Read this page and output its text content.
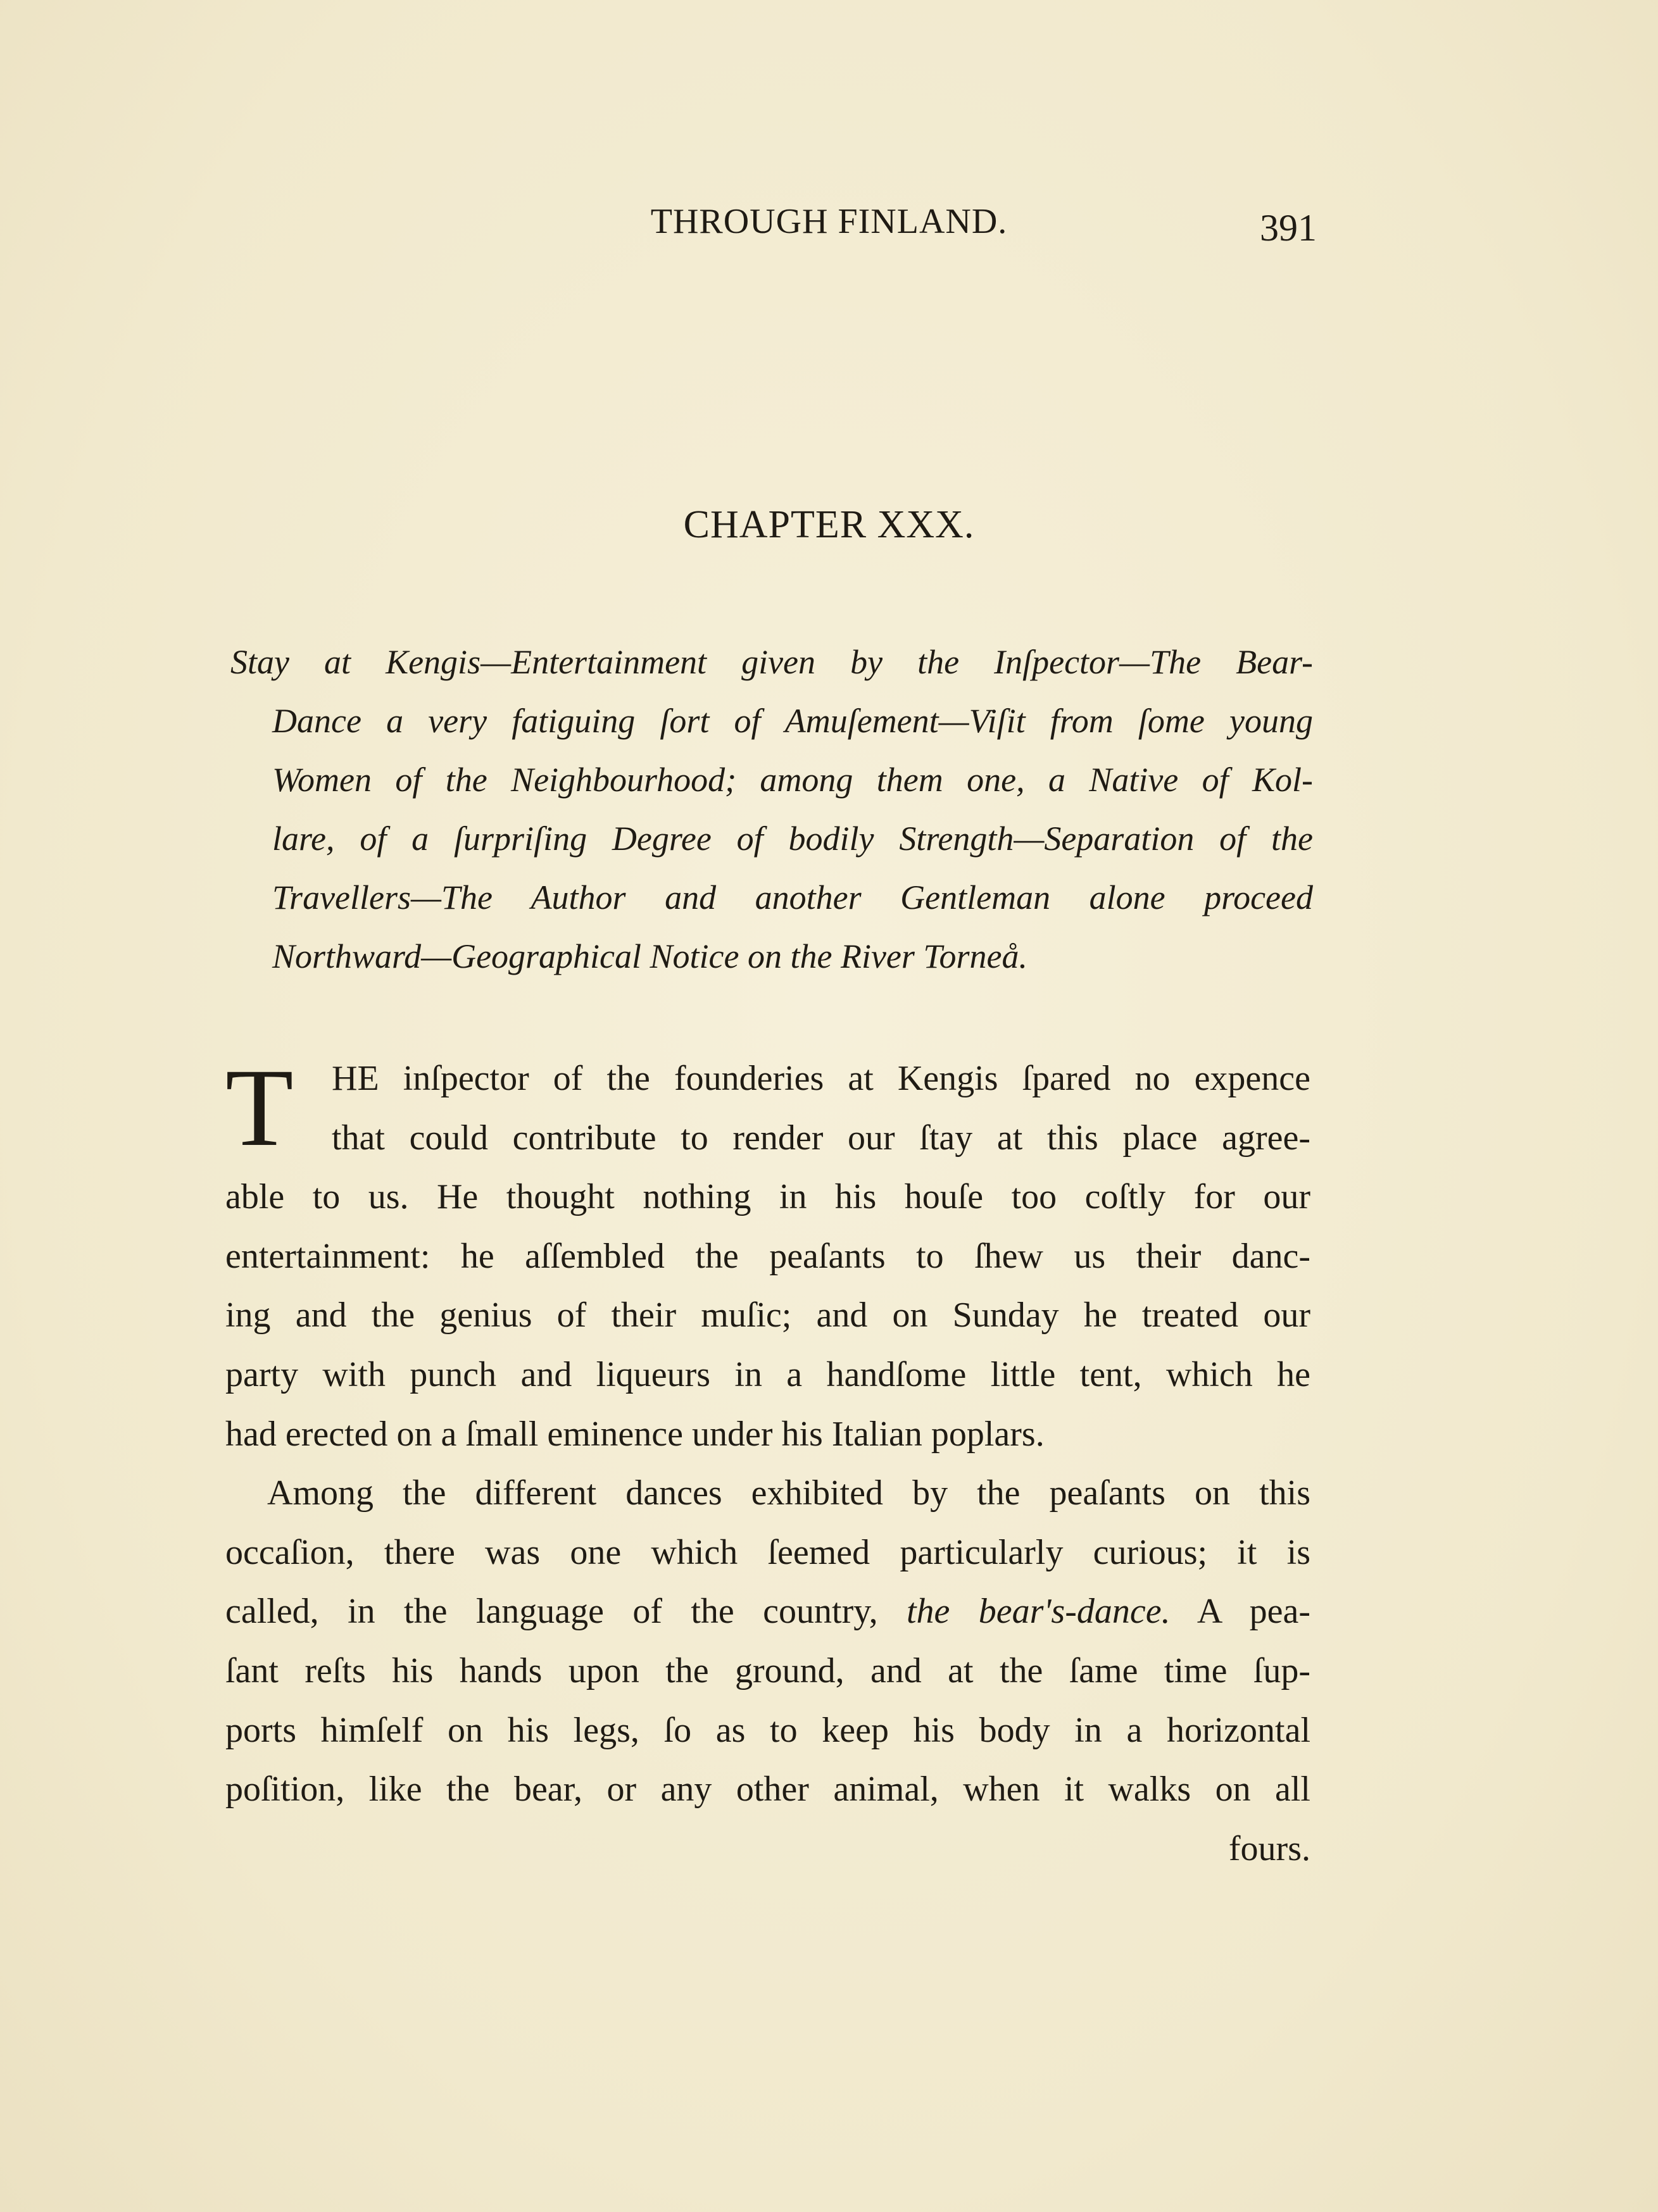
THROUGH FINLAND.	391
CHAPTER XXX.
Stay at Kengis—Entertainment given by the Inſpector—The Bear-
Dance a very fatiguing ſort of Amuſement—Viſit from ſome young
Women of the Neighbourhood; among them one, a Native of Kol-
lare, of a ſurpriſing Degree of bodily Strength—Separation of the
Travellers—The Author and another Gentleman alone proceed
Northward—Geographical Notice on the River Torneå.
T	HE inſpector of the founderies at Kengis ſpared no expence
that could contribute to render our ſtay at this place agree-
able to us. He thought nothing in his houſe too coſtly for our
entertainment: he aſſembled the peaſants to ſhew us their danc-
ing and the genius of their muſic; and on Sunday he treated our
party with punch and liqueurs in a handſome little tent, which he
had erected on a ſmall eminence under his Italian poplars.
Among the different dances exhibited by the peaſants on this
occaſion, there was one which ſeemed particularly curious; it is
called, in the language of the country, the bear's-dance. A pea-
ſant reſts his hands upon the ground, and at the ſame time ſup-
ports himſelf on his legs, ſo as to keep his body in a horizontal
poſition, like the bear, or any other animal, when it walks on all
fours.
